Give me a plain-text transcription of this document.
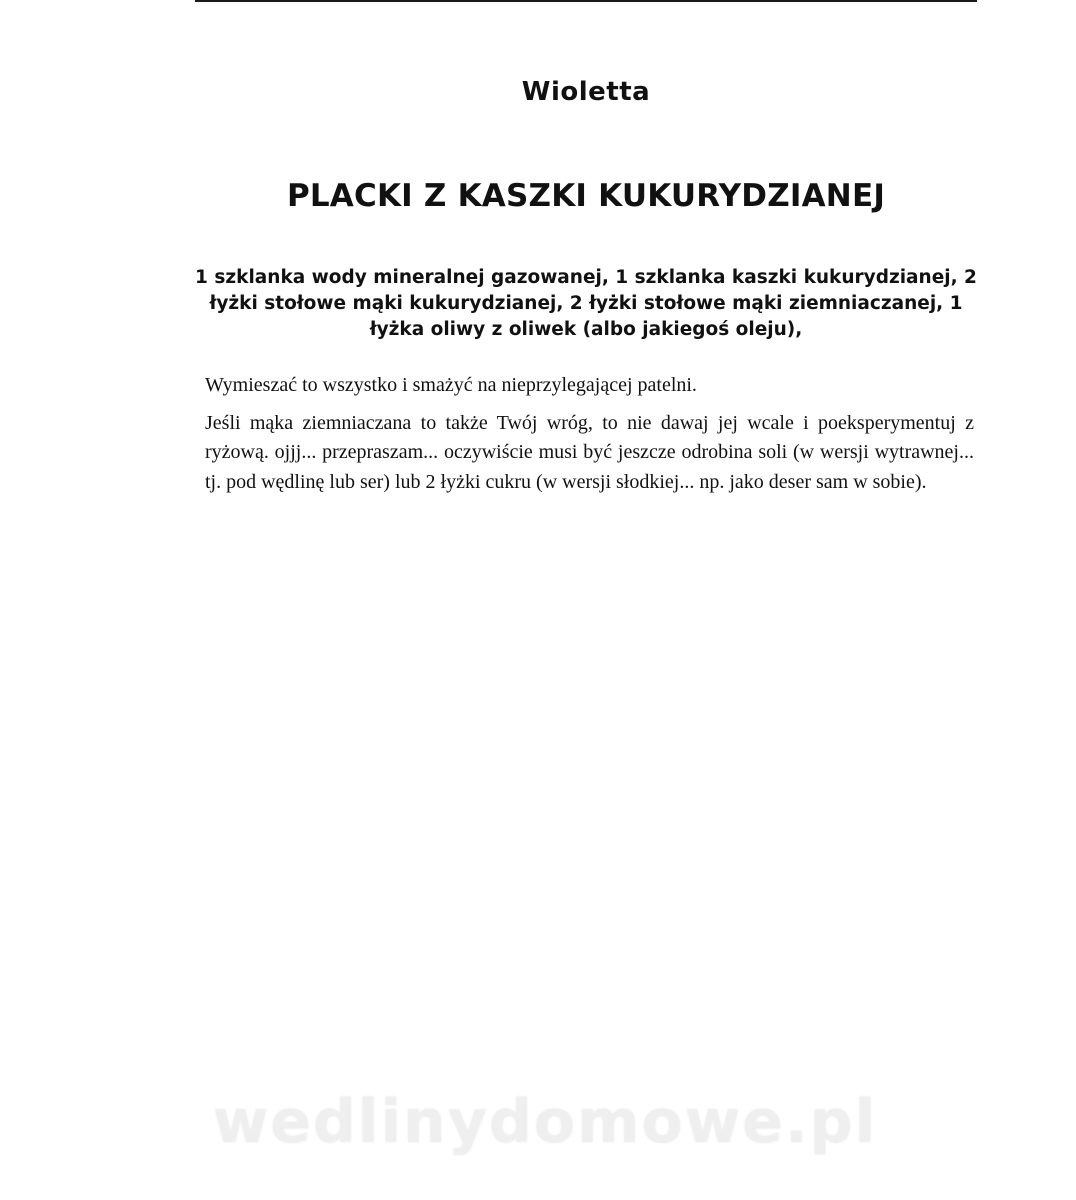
Wioletta
PLACKI Z KASZKI KUKURYDZIANEJ
1 szklanka wody mineralnej gazowanej, 1 szklanka kaszki kukurydzianej, 2 łyżki stołowe mąki kukurydzianej, 2 łyżki stołowe mąki ziemniaczanej, 1 łyżka oliwy z oliwek (albo jakiegoś oleju),

Wymieszać to wszystko i smażyć na nieprzylegającej patelni.

Jeśli mąka ziemniaczana to także Twój wróg, to nie dawaj jej wcale i poeksperymentuj z ryżową. ojjj... przepraszam... oczywiście musi być jeszcze odrobina soli (w wersji wytrawnej... tj. pod wędlinę lub ser) lub 2 łyżki cukru (w wersji słodkiej... np. jako deser sam w sobie).

wedlinydomowe.pl
